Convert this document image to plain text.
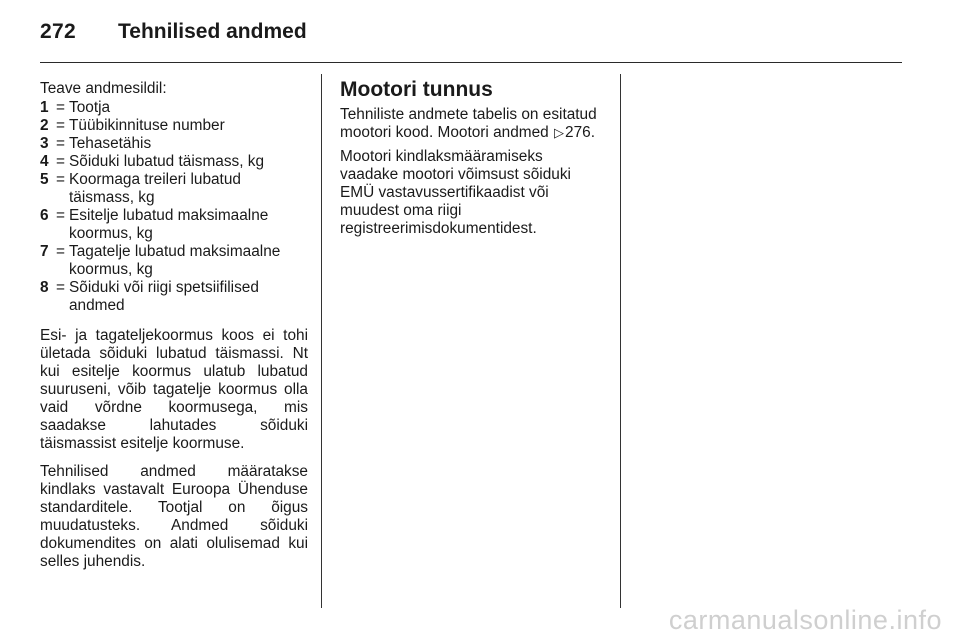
272 Tehnilised andmed

Teave andmesildil:

1 = Tootja
2 = Tüübikinnituse number
3 = Tehasetähis
4 = Sõiduki lubatud täismass, kg
5 = Koormaga treileri lubatud täismass, kg
6 = Esitelje lubatud maksimaalne koormus, kg
7 = Tagatelje lubatud maksimaalne koormus, kg
8 = Sõiduki või riigi spetsiifilised andmed

Esi- ja tagateljekoormus koos ei tohi ületada sõiduki lubatud täismassi. Nt kui esitelje koormus ulatub lubatud suuruseni, võib tagatelje koormus olla vaid võrdne koormusega, mis saadakse lahutades sõiduki täismassist esitelje koormuse.

Tehnilised andmed määratakse kindlaks vastavalt Euroopa Ühenduse standarditele. Tootjal on õigus muudatusteks. Andmed sõiduki dokumendites on alati olulisemad kui selles juhendis.

Mootori tunnus

Tehniliste andmete tabelis on esitatud mootori kood. Mootori andmed ▷276.

Mootori kindlaksmääramiseks vaadake mootori võimsust sõiduki EMÜ vastavussertifikaadist või muudest oma riigi registreerimisdokumentidest.

carmanualsonline.info
